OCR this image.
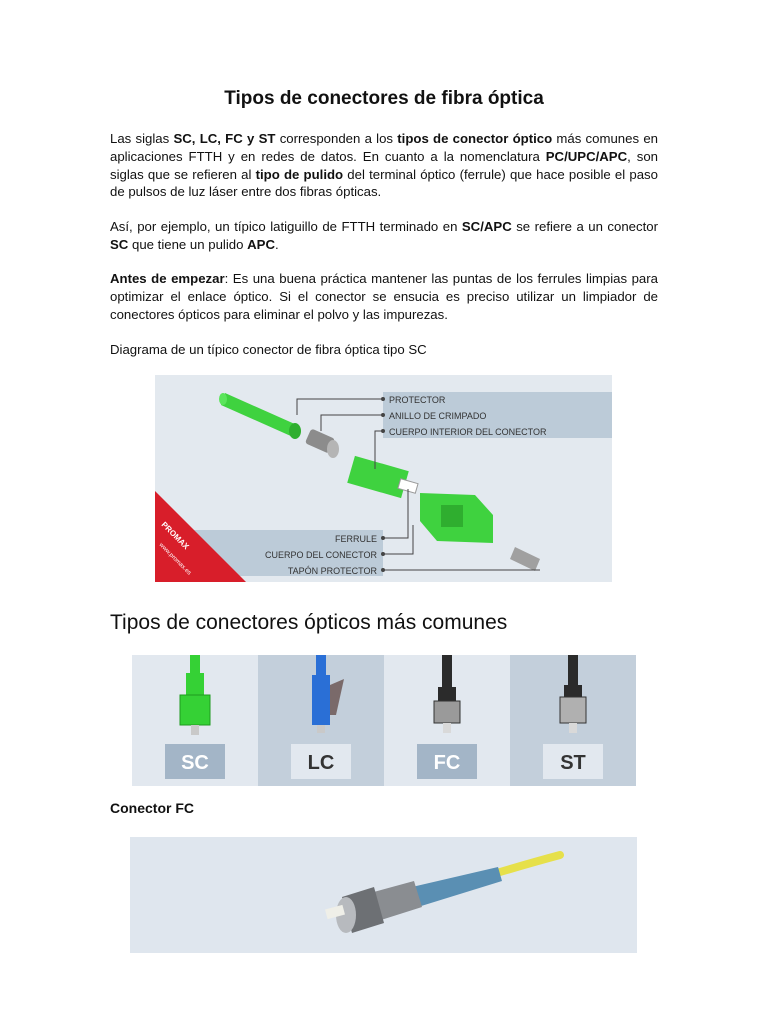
Tipos de conectores de fibra óptica

Las siglas SC, LC, FC y ST corresponden a los tipos de conector óptico más comunes en aplicaciones FTTH y en redes de datos. En cuanto a la nomenclatura PC/UPC/APC, son siglas que se refieren al tipo de pulido del terminal óptico (ferrule) que hace posible el paso de pulsos de luz láser entre dos fibras ópticas.

Así, por ejemplo, un típico latiguillo de FTTH terminado en SC/APC se refiere a un conector SC que tiene un pulido APC.

Antes de empezar: Es una buena práctica mantener las puntas de los ferrules limpias para optimizar el enlace óptico. Si el conector se ensucia es preciso utilizar un limpiador de conectores ópticos para eliminar el polvo y las impurezas.

Diagrama de un típico conector de fibra óptica tipo SC

PROTECTOR
ANILLO DE CRIMPADO
CUERPO INTERIOR DEL CONECTOR
FERRULE
CUERPO DEL CONECTOR
TAPÓN PROTECTOR
PROMAX
www.promax.es
Tipos de conectores ópticos más comunes
SC	LC	FC	ST
Conector FC
